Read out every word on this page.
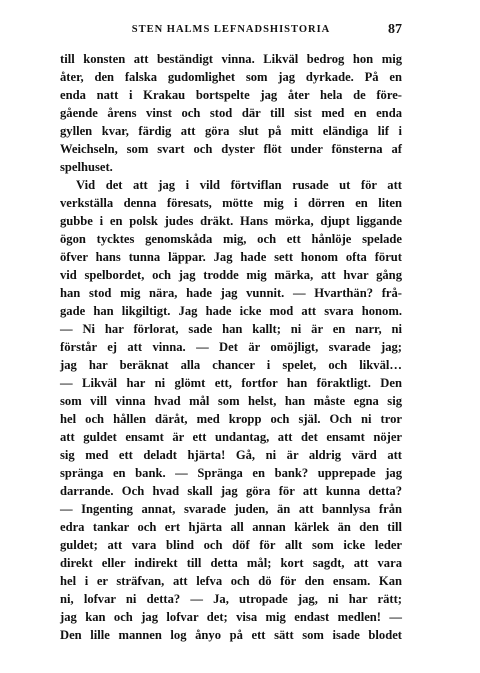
STEN HALMS LEFNADSHISTORIA	87
till konsten att beständigt vinna. Likväl bedrog hon mig
åter, den falska gudomlighet som jag dyrkade. På en
enda natt i Krakau bortspelte jag åter hela de före-
gående årens vinst och stod där till sist med en enda
gyllen kvar, färdig att göra slut på mitt eländiga lif i
Weichseln, som svart och dyster flöt under fönsterna af
spelhuset.
Vid det att jag i vild förtviflan rusade ut för att
verkställa denna föresats, mötte mig i dörren en liten
gubbe i en polsk judes dräkt. Hans mörka, djupt liggande
ögon tycktes genomskåda mig, och ett hånlöje spelade
öfver hans tunna läppar. Jag hade sett honom ofta förut
vid spelbordet, och jag trodde mig märka, att hvar gång
han stod mig nära, hade jag vunnit. — Hvarthän? frå-
gade han likgiltigt. Jag hade icke mod att svara honom.
— Ni har förlorat, sade han kallt; ni är en narr, ni
förstår ej att vinna. — Det är omöjligt, svarade jag;
jag har beräknat alla chancer i spelet, och likväl…
— Likväl har ni glömt ett, fortfor han föraktligt. Den
som vill vinna hvad mål som helst, han måste egna sig
hel och hållen däråt, med kropp och själ. Och ni tror
att guldet ensamt är ett undantag, att det ensamt nöjer
sig med ett deladt hjärta! Gå, ni är aldrig värd att
spränga en bank. — Spränga en bank? upprepade jag
darrande. Och hvad skall jag göra för att kunna detta?
— Ingenting annat, svarade juden, än att bannlysa från
edra tankar och ert hjärta all annan kärlek än den till
guldet; att vara blind och döf för allt som icke leder
direkt eller indirekt till detta mål; kort sagdt, att vara
hel i er sträfvan, att lefva och dö för den ensam. Kan
ni, lofvar ni detta? — Ja, utropade jag, ni har rätt;
jag kan och jag lofvar det; visa mig endast medlen! —
Den lille mannen log ånyo på ett sätt som isade blodet
